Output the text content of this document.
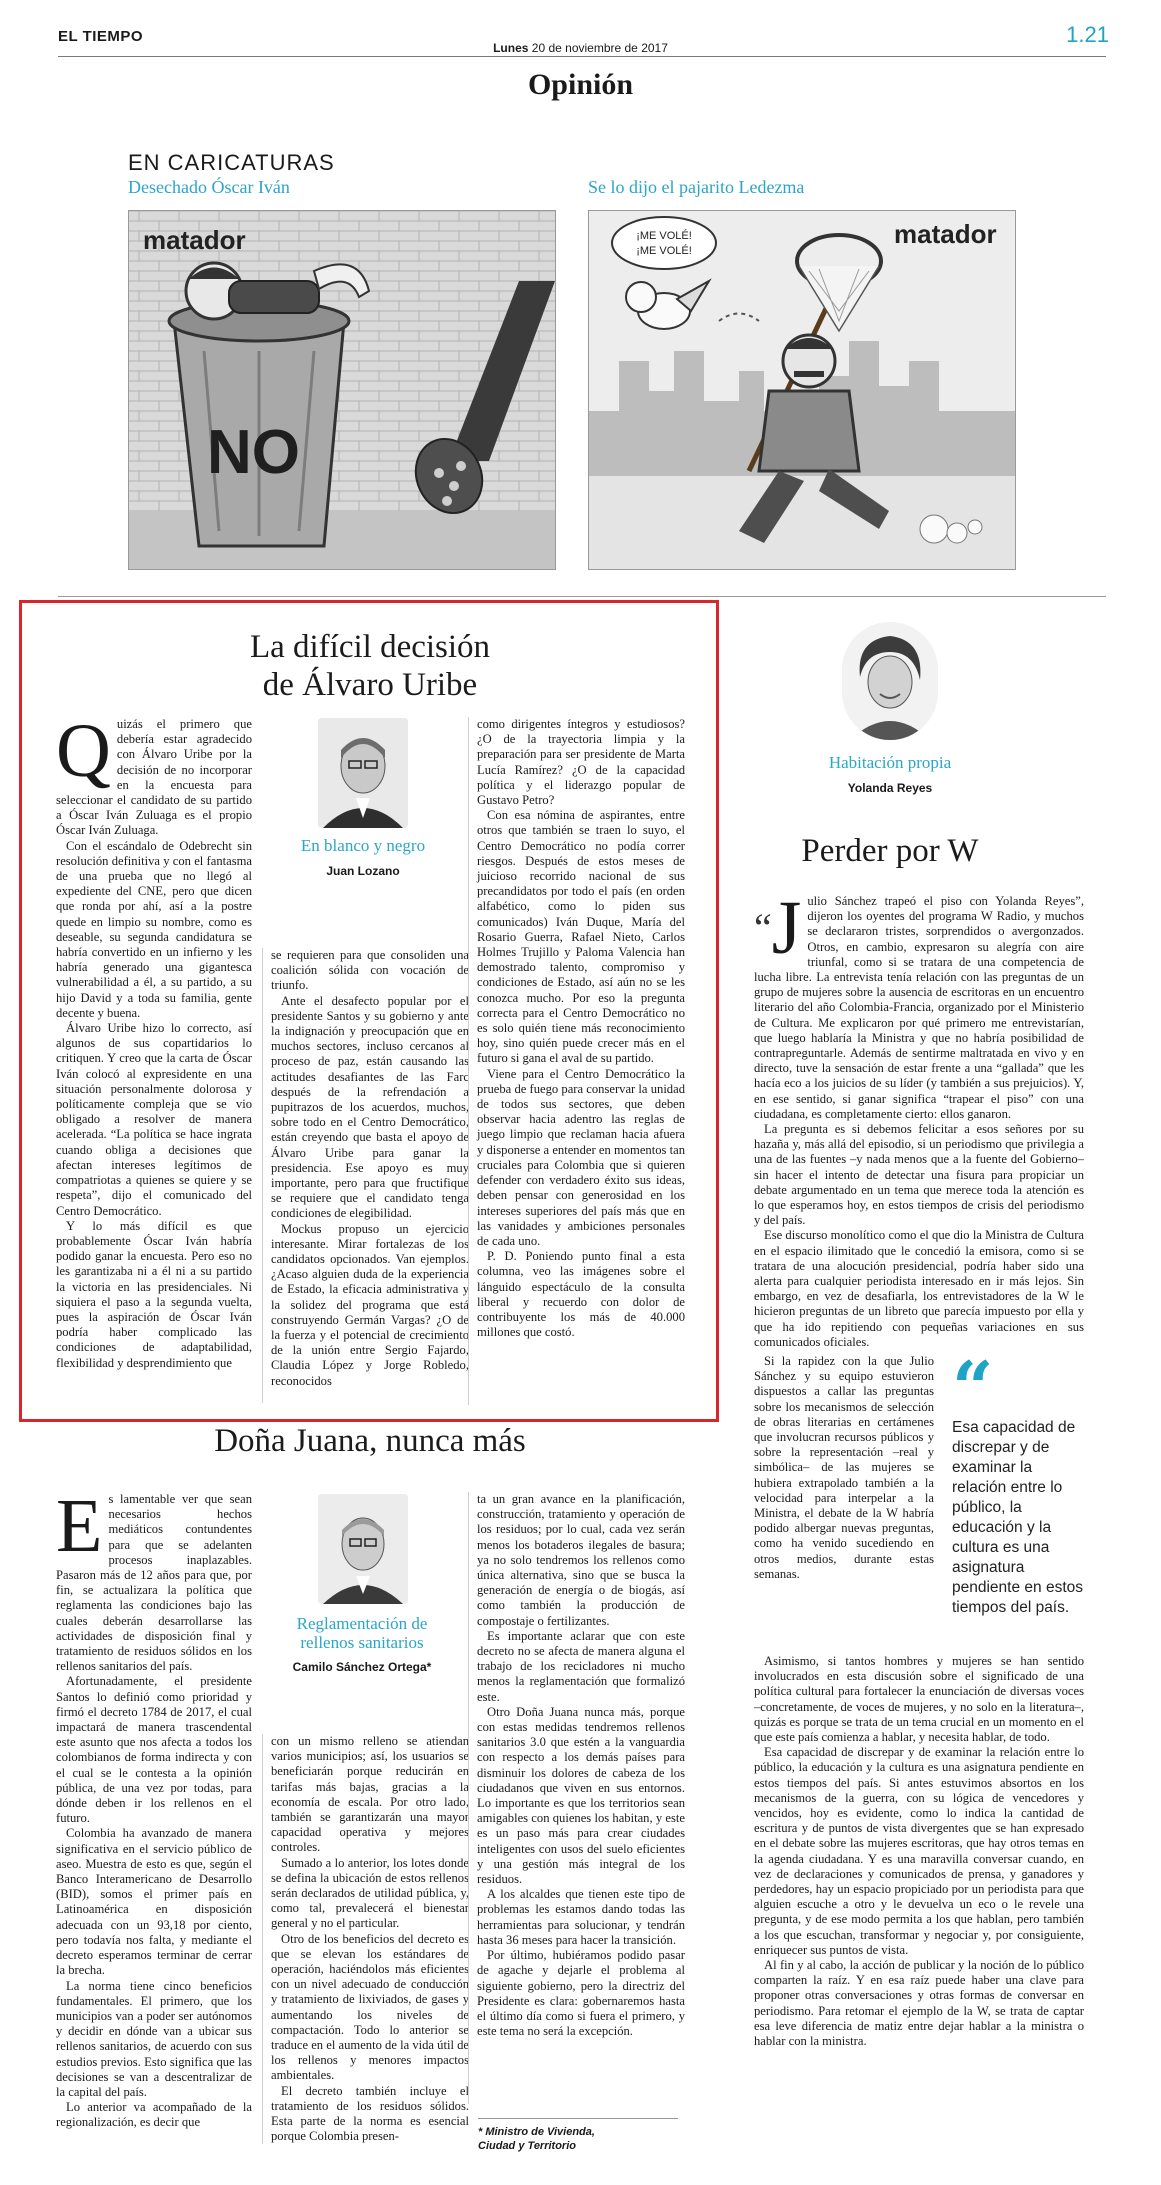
EL TIEMPO
Lunes 20 de noviembre de 2017
1.21
Opinión
EN CARICATURAS
Desechado Óscar Iván	Se lo dijo el pajarito Ledezma
matador
NO
matador
¡ME VOLÉ!
¡ME VOLÉ!
La difícil decisión
de Álvaro Uribe

Quizás el primero que debería estar agradecido con Álvaro Uribe por la decisión de no incorporar en la encuesta para seleccionar el candidato de su partido a Óscar Iván Zuluaga es el propio Óscar Iván Zuluaga.

Con el escándalo de Odebrecht sin resolución definitiva y con el fantasma de una prueba que no llegó al expediente del CNE, pero que dicen que ronda por ahí, así a la postre quede en limpio su nombre, como es deseable, su segunda candidatura se habría convertido en un infierno y les habría generado una gigantesca vulnerabilidad a él, a su partido, a su hijo David y a toda su familia, gente decente y buena.

Álvaro Uribe hizo lo correcto, así algunos de sus copartidarios lo critiquen. Y creo que la carta de Óscar Iván colocó al expresidente en una situación personalmente dolorosa y políticamente compleja que se vio obligado a resolver de manera acelerada. “La política se hace ingrata cuando obliga a decisiones que afectan intereses legítimos de compatriotas a quienes se quiere y se respeta”, dijo el comunicado del Centro Democrático.

Y lo más difícil es que probablemente Óscar Iván habría podido ganar la encuesta. Pero eso no les garantizaba ni a él ni a su partido la victoria en las presidenciales. Ni siquiera el paso a la segunda vuelta, pues la aspiración de Óscar Iván podría haber complicado las condiciones de adaptabilidad, flexibilidad y desprendimiento que

En blanco y negro
Juan Lozano

se requieren para que consoliden una coalición sólida con vocación de triunfo.

Ante el desafecto popular por el presidente Santos y su gobierno y ante la indignación y preocupación que en muchos sectores, incluso cercanos al proceso de paz, están causando las actitudes desafiantes de las Farc después de la refrendación a pupitrazos de los acuerdos, muchos, sobre todo en el Centro Democrático, están creyendo que basta el apoyo de Álvaro Uribe para ganar la presidencia. Ese apoyo es muy importante, pero para que fructifique se requiere que el candidato tenga condiciones de elegibilidad.

Mockus propuso un ejercicio interesante. Mirar fortalezas de los candidatos opcionados. Van ejemplos. ¿Acaso alguien duda de la experiencia de Estado, la eficacia administrativa y la solidez del programa que está construyendo Germán Vargas? ¿O de la fuerza y el potencial de crecimiento de la unión entre Sergio Fajardo, Claudia López y Jorge Robledo, reconocidos

como dirigentes íntegros y estudiosos? ¿O de la trayectoria limpia y la preparación para ser presidente de Marta Lucía Ramírez? ¿O de la capacidad política y el liderazgo popular de Gustavo Petro?

Con esa nómina de aspirantes, entre otros que también se traen lo suyo, el Centro Democrático no podía correr riesgos. Después de estos meses de juicioso recorrido nacional de sus precandidatos por todo el país (en orden alfabético, como lo piden sus comunicados) Iván Duque, María del Rosario Guerra, Rafael Nieto, Carlos Holmes Trujillo y Paloma Valencia han demostrado talento, compromiso y condiciones de Estado, así aún no se les conozca mucho. Por eso la pregunta correcta para el Centro Democrático no es solo quién tiene más reconocimiento hoy, sino quién puede crecer más en el futuro si gana el aval de su partido.

Viene para el Centro Democrático la prueba de fuego para conservar la unidad de todos sus sectores, que deben observar hacia adentro las reglas de juego limpio que reclaman hacia afuera y disponerse a entender en momentos tan cruciales para Colombia que si quieren defender con verdadero éxito sus ideas, deben pensar con generosidad en los intereses superiores del país más que en las vanidades y ambiciones personales de cada uno.

P. D. Poniendo punto final a esta columna, veo las imágenes sobre el lánguido espectáculo de la consulta liberal y recuerdo con dolor de contribuyente los más de 40.000 millones que costó.

Doña Juana, nunca más

Es lamentable ver que sean necesarios hechos mediáticos contundentes para que se adelanten procesos inaplazables. Pasaron más de 12 años para que, por fin, se actualizara la política que reglamenta las condiciones bajo las cuales deberán desarrollarse las actividades de disposición final y tratamiento de residuos sólidos en los rellenos sanitarios del país.

Afortunadamente, el presidente Santos lo definió como prioridad y firmó el decreto 1784 de 2017, el cual impactará de manera trascendental este asunto que nos afecta a todos los colombianos de forma indirecta y con el cual se le contesta a la opinión pública, de una vez por todas, para dónde deben ir los rellenos en el futuro.

Colombia ha avanzado de manera significativa en el servicio público de aseo. Muestra de esto es que, según el Banco Interamericano de Desarrollo (BID), somos el primer país en Latinoamérica en disposición adecuada con un 93,18 por ciento, pero todavía nos falta, y mediante el decreto esperamos terminar de cerrar la brecha.

La norma tiene cinco beneficios fundamentales. El primero, que los municipios van a poder ser autónomos y decidir en dónde van a ubicar sus rellenos sanitarios, de acuerdo con sus estudios previos. Esto significa que las decisiones se van a descentralizar de la capital del país.

Lo anterior va acompañado de la regionalización, es decir que

Reglamentación de
rellenos sanitarios
Camilo Sánchez Ortega*

con un mismo relleno se atiendan varios municipios; así, los usuarios se beneficiarán porque reducirán en tarifas más bajas, gracias a la economía de escala. Por otro lado, también se garantizarán una mayor capacidad operativa y mejores controles.

Sumado a lo anterior, los lotes donde se defina la ubicación de estos rellenos serán declarados de utilidad pública, y, como tal, prevalecerá el bienestar general y no el particular.

Otro de los beneficios del decreto es que se elevan los estándares de operación, haciéndolos más eficientes con un nivel adecuado de conducción y tratamiento de lixiviados, de gases y aumentando los niveles de compactación. Todo lo anterior se traduce en el aumento de la vida útil de los rellenos y menores impactos ambientales.

El decreto también incluye el tratamiento de los residuos sólidos. Esta parte de la norma es esencial porque Colombia presen-

ta un gran avance en la planificación, construcción, tratamiento y operación de los residuos; por lo cual, cada vez serán menos los botaderos ilegales de basura; ya no solo tendremos los rellenos como única alternativa, sino que se busca la generación de energía o de biogás, así como también la producción de compostaje o fertilizantes.

Es importante aclarar que con este decreto no se afecta de manera alguna el trabajo de los recicladores ni mucho menos la reglamentación que formalizó este.

Otro Doña Juana nunca más, porque con estas medidas tendremos rellenos sanitarios 3.0 que estén a la vanguardia con respecto a los demás países para disminuir los dolores de cabeza de los ciudadanos que viven en sus entornos. Lo importante es que los territorios sean amigables con quienes los habitan, y este es un paso más para crear ciudades inteligentes con usos del suelo eficientes y una gestión más integral de los residuos.

A los alcaldes que tienen este tipo de problemas les estamos dando todas las herramientas para solucionar, y tendrán hasta 36 meses para hacer la transición.

Por último, hubiéramos podido pasar de agache y dejarle el problema al siguiente gobierno, pero la directriz del Presidente es clara: gobernaremos hasta el último día como si fuera el primero, y este tema no será la excepción.

* Ministro de Vivienda,
Ciudad y Territorio
Habitación propia
Yolanda Reyes
Perder por W

“J ulio Sánchez trapeó el piso con Yolanda Reyes”, dijeron los oyentes del programa W Radio, y muchos se declararon tristes, sorprendidos o avergonzados. Otros, en cambio, expresaron su alegría con aire triunfal, como si se tratara de una competencia de lucha libre. La entrevista tenía relación con las preguntas de un grupo de mujeres sobre la ausencia de escritoras en un encuentro literario del año Colombia-Francia, organizado por el Ministerio de Cultura. Me explicaron por qué primero me entrevistarían, que luego hablaría la Ministra y que no habría posibilidad de contrapreguntarle. Además de sentirme maltratada en vivo y en directo, tuve la sensación de estar frente a una “gallada” que les hacía eco a los juicios de su líder (y también a sus prejuicios). Y, en ese sentido, si ganar significa “trapear el piso” con una ciudadana, es completamente cierto: ellos ganaron.

La pregunta es si debemos felicitar a esos señores por su hazaña y, más allá del episodio, si un periodismo que privilegia a una de las fuentes –y nada menos que a la fuente del Gobierno– sin hacer el intento de detectar una fisura para propiciar un debate argumentado en un tema que merece toda la atención es lo que esperamos hoy, en estos tiempos de crisis del periodismo y del país.

Ese discurso monolítico como el que dio la Ministra de Cultura en el espacio ilimitado que le concedió la emisora, como si se tratara de una alocución presidencial, podría haber sido una alerta para cualquier periodista interesado en ir más lejos. Sin embargo, en vez de desafiarla, los entrevistadores de la W le hicieron preguntas de un libreto que parecía impuesto por ella y que ha ido repitiendo con pequeñas variaciones en sus comunicados oficiales.

Si la rapidez con la que Julio Sánchez y su equipo estuvieron dispuestos a callar las preguntas sobre los mecanismos de selección de obras literarias en certámenes que involucran recursos públicos y sobre la representación –real y simbólica– de las mujeres se hubiera extrapolado también a la velocidad para interpelar a la Ministra, el debate de la W habría podido albergar nuevas preguntas, como ha venido sucediendo en otros medios, durante estas semanas.

“
Esa capacidad de discrepar y de examinar la relación entre lo público, la educación y la cultura es una asignatura pendiente en estos tiempos del país.

Asimismo, si tantos hombres y mujeres se han sentido involucrados en esta discusión sobre el significado de una política cultural para fortalecer la enunciación de diversas voces –concretamente, de voces de mujeres, y no solo en la literatura–, quizás es porque se trata de un tema crucial en un momento en el que este país comienza a hablar, y necesita hablar, de todo.

Esa capacidad de discrepar y de examinar la relación entre lo público, la educación y la cultura es una asignatura pendiente en estos tiempos del país. Si antes estuvimos absortos en los mecanismos de la guerra, con su lógica de vencedores y vencidos, hoy es evidente, como lo indica la cantidad de escritura y de puntos de vista divergentes que se han expresado en el debate sobre las mujeres escritoras, que hay otros temas en la agenda ciudadana. Y es una maravilla conversar cuando, en vez de declaraciones y comunicados de prensa, y ganadores y perdedores, hay un espacio propiciado por un periodista para que alguien escuche a otro y le devuelva un eco o le revele una pregunta, y de ese modo permita a los que hablan, pero también a los que escuchan, transformar y negociar y, por consiguiente, enriquecer sus puntos de vista.

Al fin y al cabo, la acción de publicar y la noción de lo público comparten la raíz. Y en esa raíz puede haber una clave para proponer otras conversaciones y otras formas de conversar en periodismo. Para retomar el ejemplo de la W, se trata de captar esa leve diferencia de matiz entre dejar hablar a la ministra o hablar con la ministra.
